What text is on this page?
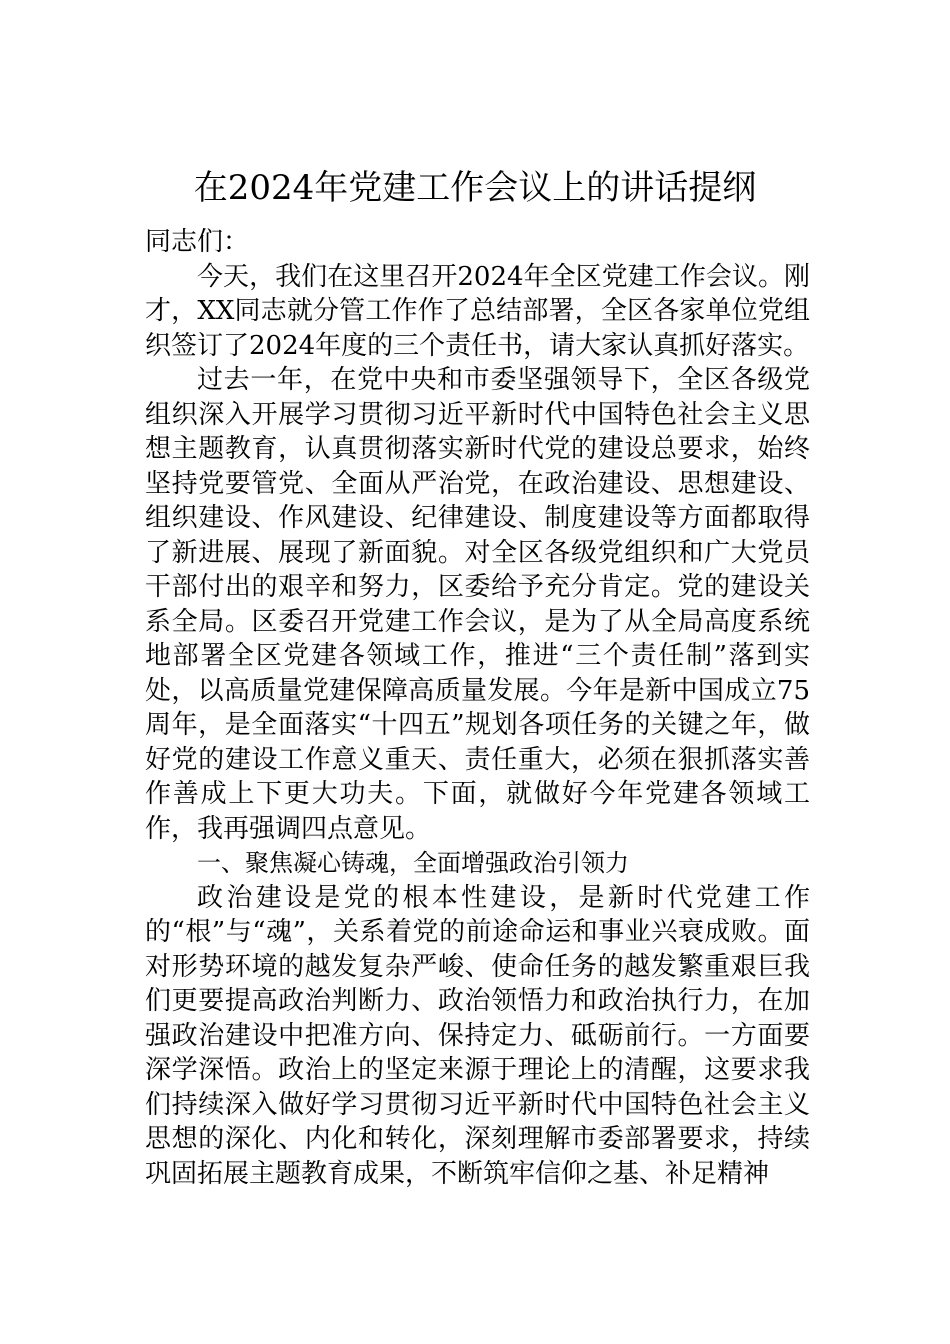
在2024年党建工作会议上的讲话提纲

同志们：

今天，我们在这里召开2024年全区党建工作会议。刚才，XX同志就分管工作作了总结部署，全区各家单位党组织签订了2024年度的三个责任书，请大家认真抓好落实。

过去一年，在党中央和市委坚强领导下，全区各级党组织深入开展学习贯彻习近平新时代中国特色社会主义思想主题教育，认真贯彻落实新时代党的建设总要求，始终坚持党要管党、全面从严治党，在政治建设、思想建设、组织建设、作风建设、纪律建设、制度建设等方面都取得了新进展、展现了新面貌。对全区各级党组织和广大党员干部付出的艰辛和努力，区委给予充分肯定。党的建设关系全局。区委召开党建工作会议，是为了从全局高度系统地部署全区党建各领域工作，推进“三个责任制”落到实处，以高质量党建保障高质量发展。今年是新中国成立75周年，是全面落实“十四五”规划各项任务的关键之年，做好党的建设工作意义重天、责任重大，必须在狠抓落实善作善成上下更大功夫。下面，就做好今年党建各领域工作，我再强调四点意见。

一、聚焦凝心铸魂，全面增强政治引领力

政治建设是党的根本性建设，是新时代党建工作的“根”与“魂”，关系着党的前途命运和事业兴衰成败。面对形势环境的越发复杂严峻、使命任务的越发繁重艰巨我们更要提高政治判断力、政治领悟力和政治执行力，在加强政治建设中把准方向、保持定力、砥砺前行。一方面要深学深悟。政治上的坚定来源于理论上的清醒，这要求我们持续深入做好学习贯彻习近平新时代中国特色社会主义思想的深化、内化和转化，深刻理解市委部署要求，持续巩固拓展主题教育成果，不断筑牢信仰之基、补足精神
